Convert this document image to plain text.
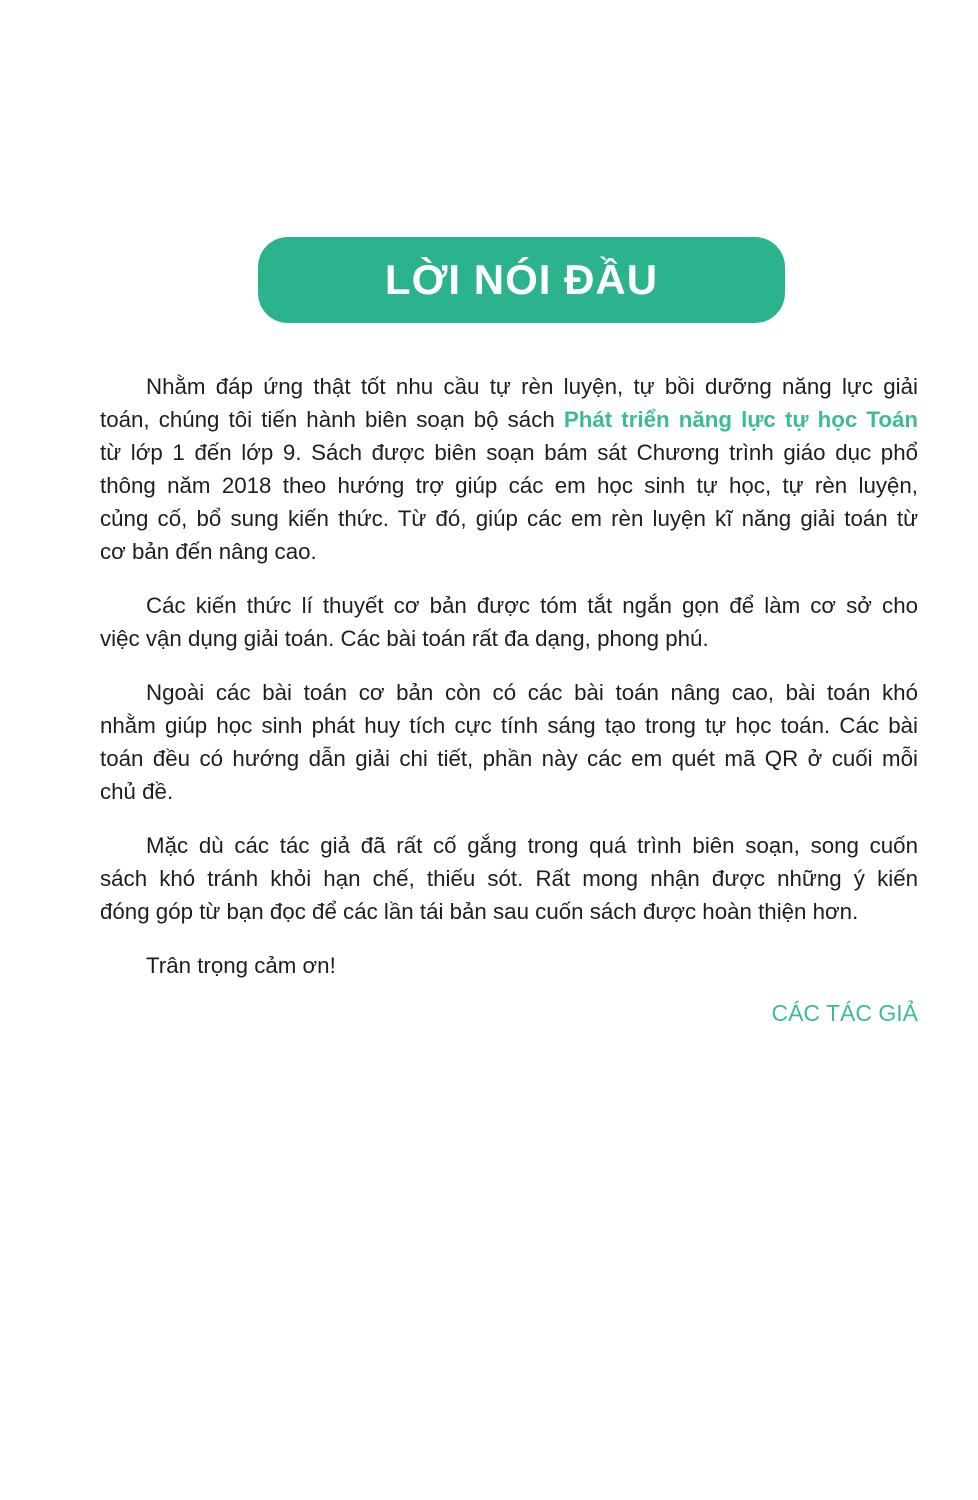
LỜI NÓI ĐẦU
Nhằm đáp ứng thật tốt nhu cầu tự rèn luyện, tự bồi dưỡng năng lực giải
toán, chúng tôi tiến hành biên soạn bộ sách Phát triển năng lực tự học Toán
từ lớp 1 đến lớp 9. Sách được biên soạn bám sát Chương trình giáo dục phổ
thông năm 2018 theo hướng trợ giúp các em học sinh tự học, tự rèn luyện,
củng cố, bổ sung kiến thức. Từ đó, giúp các em rèn luyện kĩ năng giải toán từ
cơ bản đến nâng cao.
Các kiến thức lí thuyết cơ bản được tóm tắt ngắn gọn để làm cơ sở cho
việc vận dụng giải toán. Các bài toán rất đa dạng, phong phú.
Ngoài các bài toán cơ bản còn có các bài toán nâng cao, bài toán khó
nhằm giúp học sinh phát huy tích cực tính sáng tạo trong tự học toán. Các bài
toán đều có hướng dẫn giải chi tiết, phần này các em quét mã QR ở cuối mỗi
chủ đề.
Mặc dù các tác giả đã rất cố gắng trong quá trình biên soạn, song cuốn
sách khó tránh khỏi hạn chế, thiếu sót. Rất mong nhận được những ý kiến
đóng góp từ bạn đọc để các lần tái bản sau cuốn sách được hoàn thiện hơn.
Trân trọng cảm ơn!
CÁC TÁC GIẢ
